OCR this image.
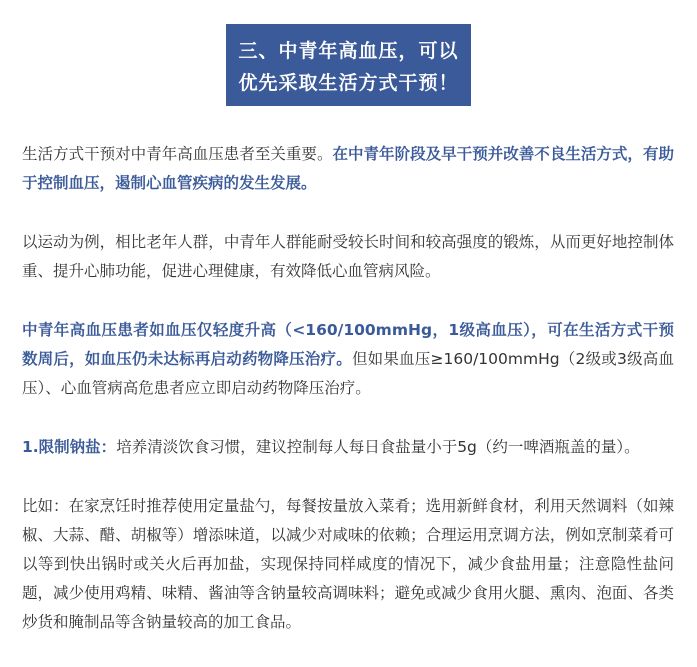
三、中青年高血压，可以
优先采取生活方式干预！

生活方式干预对中青年高血压患者至关重要。在中青年阶段及早干预并改善不良生活方式，有助于控制血压，遏制心血管疾病的发生发展。

以运动为例，相比老年人群，中青年人群能耐受较长时间和较高强度的锻炼，从而更好地控制体重、提升心肺功能，促进心理健康，有效降低心血管病风险。

中青年高血压患者如血压仅轻度升高（<160/100mmHg，1级高血压），可在生活方式干预数周后，如血压仍未达标再启动药物降压治疗。但如果血压≥160/100mmHg（2级或3级高血压）、心血管病高危患者应立即启动药物降压治疗。

1.限制钠盐：培养清淡饮食习惯，建议控制每人每日食盐量小于5g（约一啤酒瓶盖的量）。

比如：在家烹饪时推荐使用定量盐勺，每餐按量放入菜肴；选用新鲜食材，利用天然调料（如辣椒、大蒜、醋、胡椒等）增添味道，以减少对咸味的依赖；合理运用烹调方法，例如烹制菜肴可以等到快出锅时或关火后再加盐，实现保持同样咸度的情况下，减少食盐用量；注意隐性盐问题，减少使用鸡精、味精、酱油等含钠量较高调味料；避免或减少食用火腿、熏肉、泡面、各类炒货和腌制品等含钠量较高的加工食品。
